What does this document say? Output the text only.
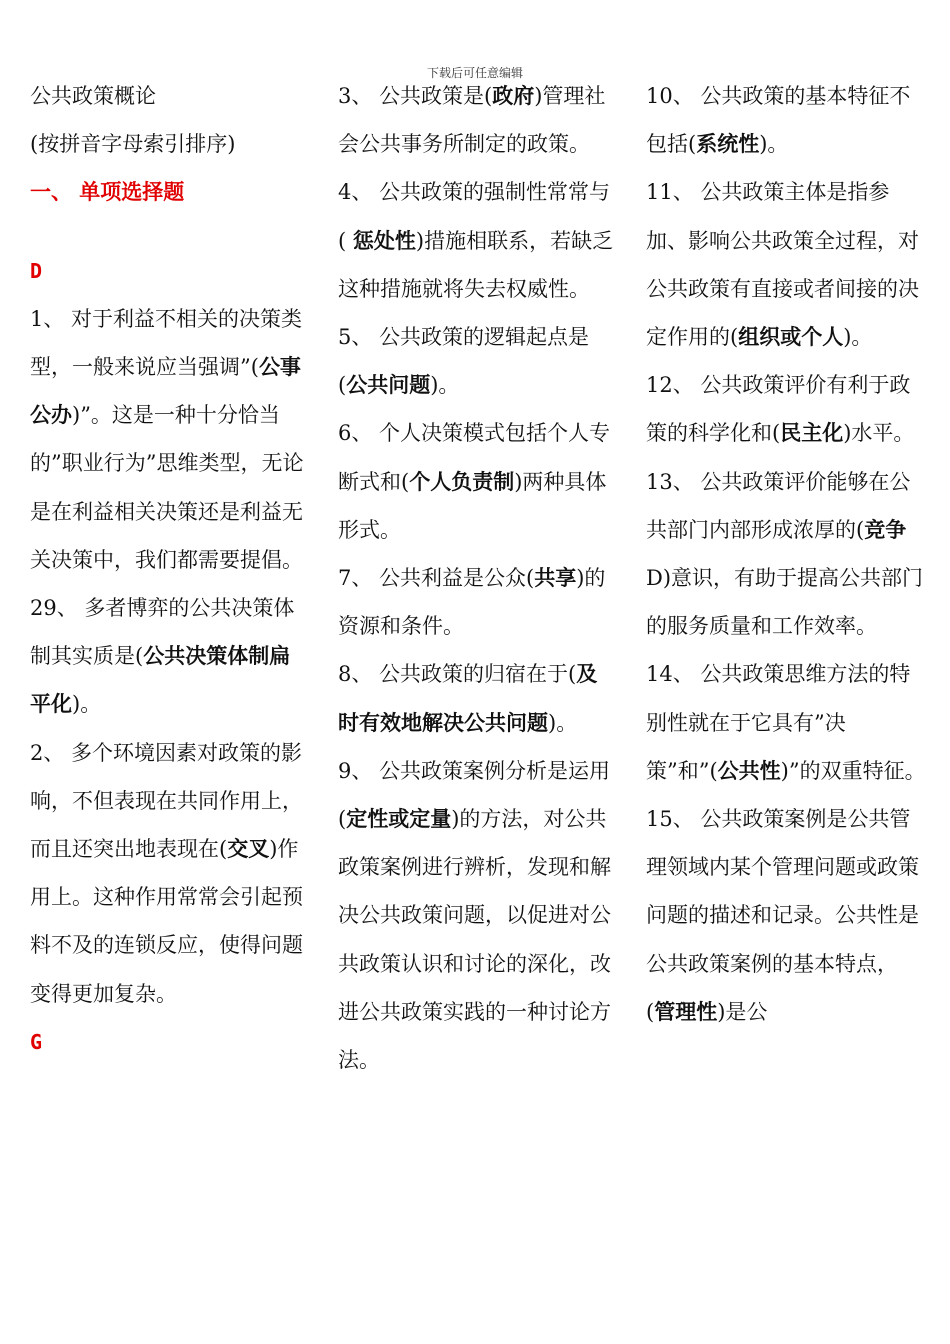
下载后可任意编辑

公共政策概论

(按拼音字母索引排序)

一、 单项选择题

D

1、 对于利益不相关的决策类型，一般来说应当强调”(公事公办)”。这是一种十分恰当的”职业行为”思维类型，无论是在利益相关决策还是利益无关决策中，我们都需要提倡。

29、 多者博弈的公共决策体制其实质是(公共决策体制扁平化)。

2、 多个环境因素对政策的影响，不但表现在共同作用上，而且还突出地表现在(交叉)作用上。这种作用常常会引起预料不及的连锁反应，使得问题变得更加复杂。

G

3、 公共政策是(政府)管理社会公共事务所制定的政策。

4、 公共政策的强制性常常与( 惩处性)措施相联系，若缺乏这种措施就将失去权威性。

5、 公共政策的逻辑起点是(公共问题)。

6、 个人决策模式包括个人专断式和(个人负责制)两种具体形式。

7、 公共利益是公众(共享)的资源和条件。

8、 公共政策的归宿在于(及时有效地解决公共问题)。

9、 公共政策案例分析是运用(定性或定量)的方法，对公共政策案例进行辨析，发现和解决公共政策问题，以促进对公共政策认识和讨论的深化，改进公共政策实践的一种讨论方法。

10、 公共政策的基本特征不包括(系统性)。

11、 公共政策主体是指参加、影响公共政策全过程，对公共政策有直接或者间接的决定作用的(组织或个人)。

12、 公共政策评价有利于政策的科学化和(民主化)水平。

13、 公共政策评价能够在公共部门内部形成浓厚的(竞争D)意识，有助于提高公共部门的服务质量和工作效率。

14、 公共政策思维方法的特别性就在于它具有”决策”和”(公共性)”的双重特征。

15、 公共政策案例是公共管理领域内某个管理问题或政策问题的描述和记录。公共性是公共政策案例的基本特点，(管理性)是公
